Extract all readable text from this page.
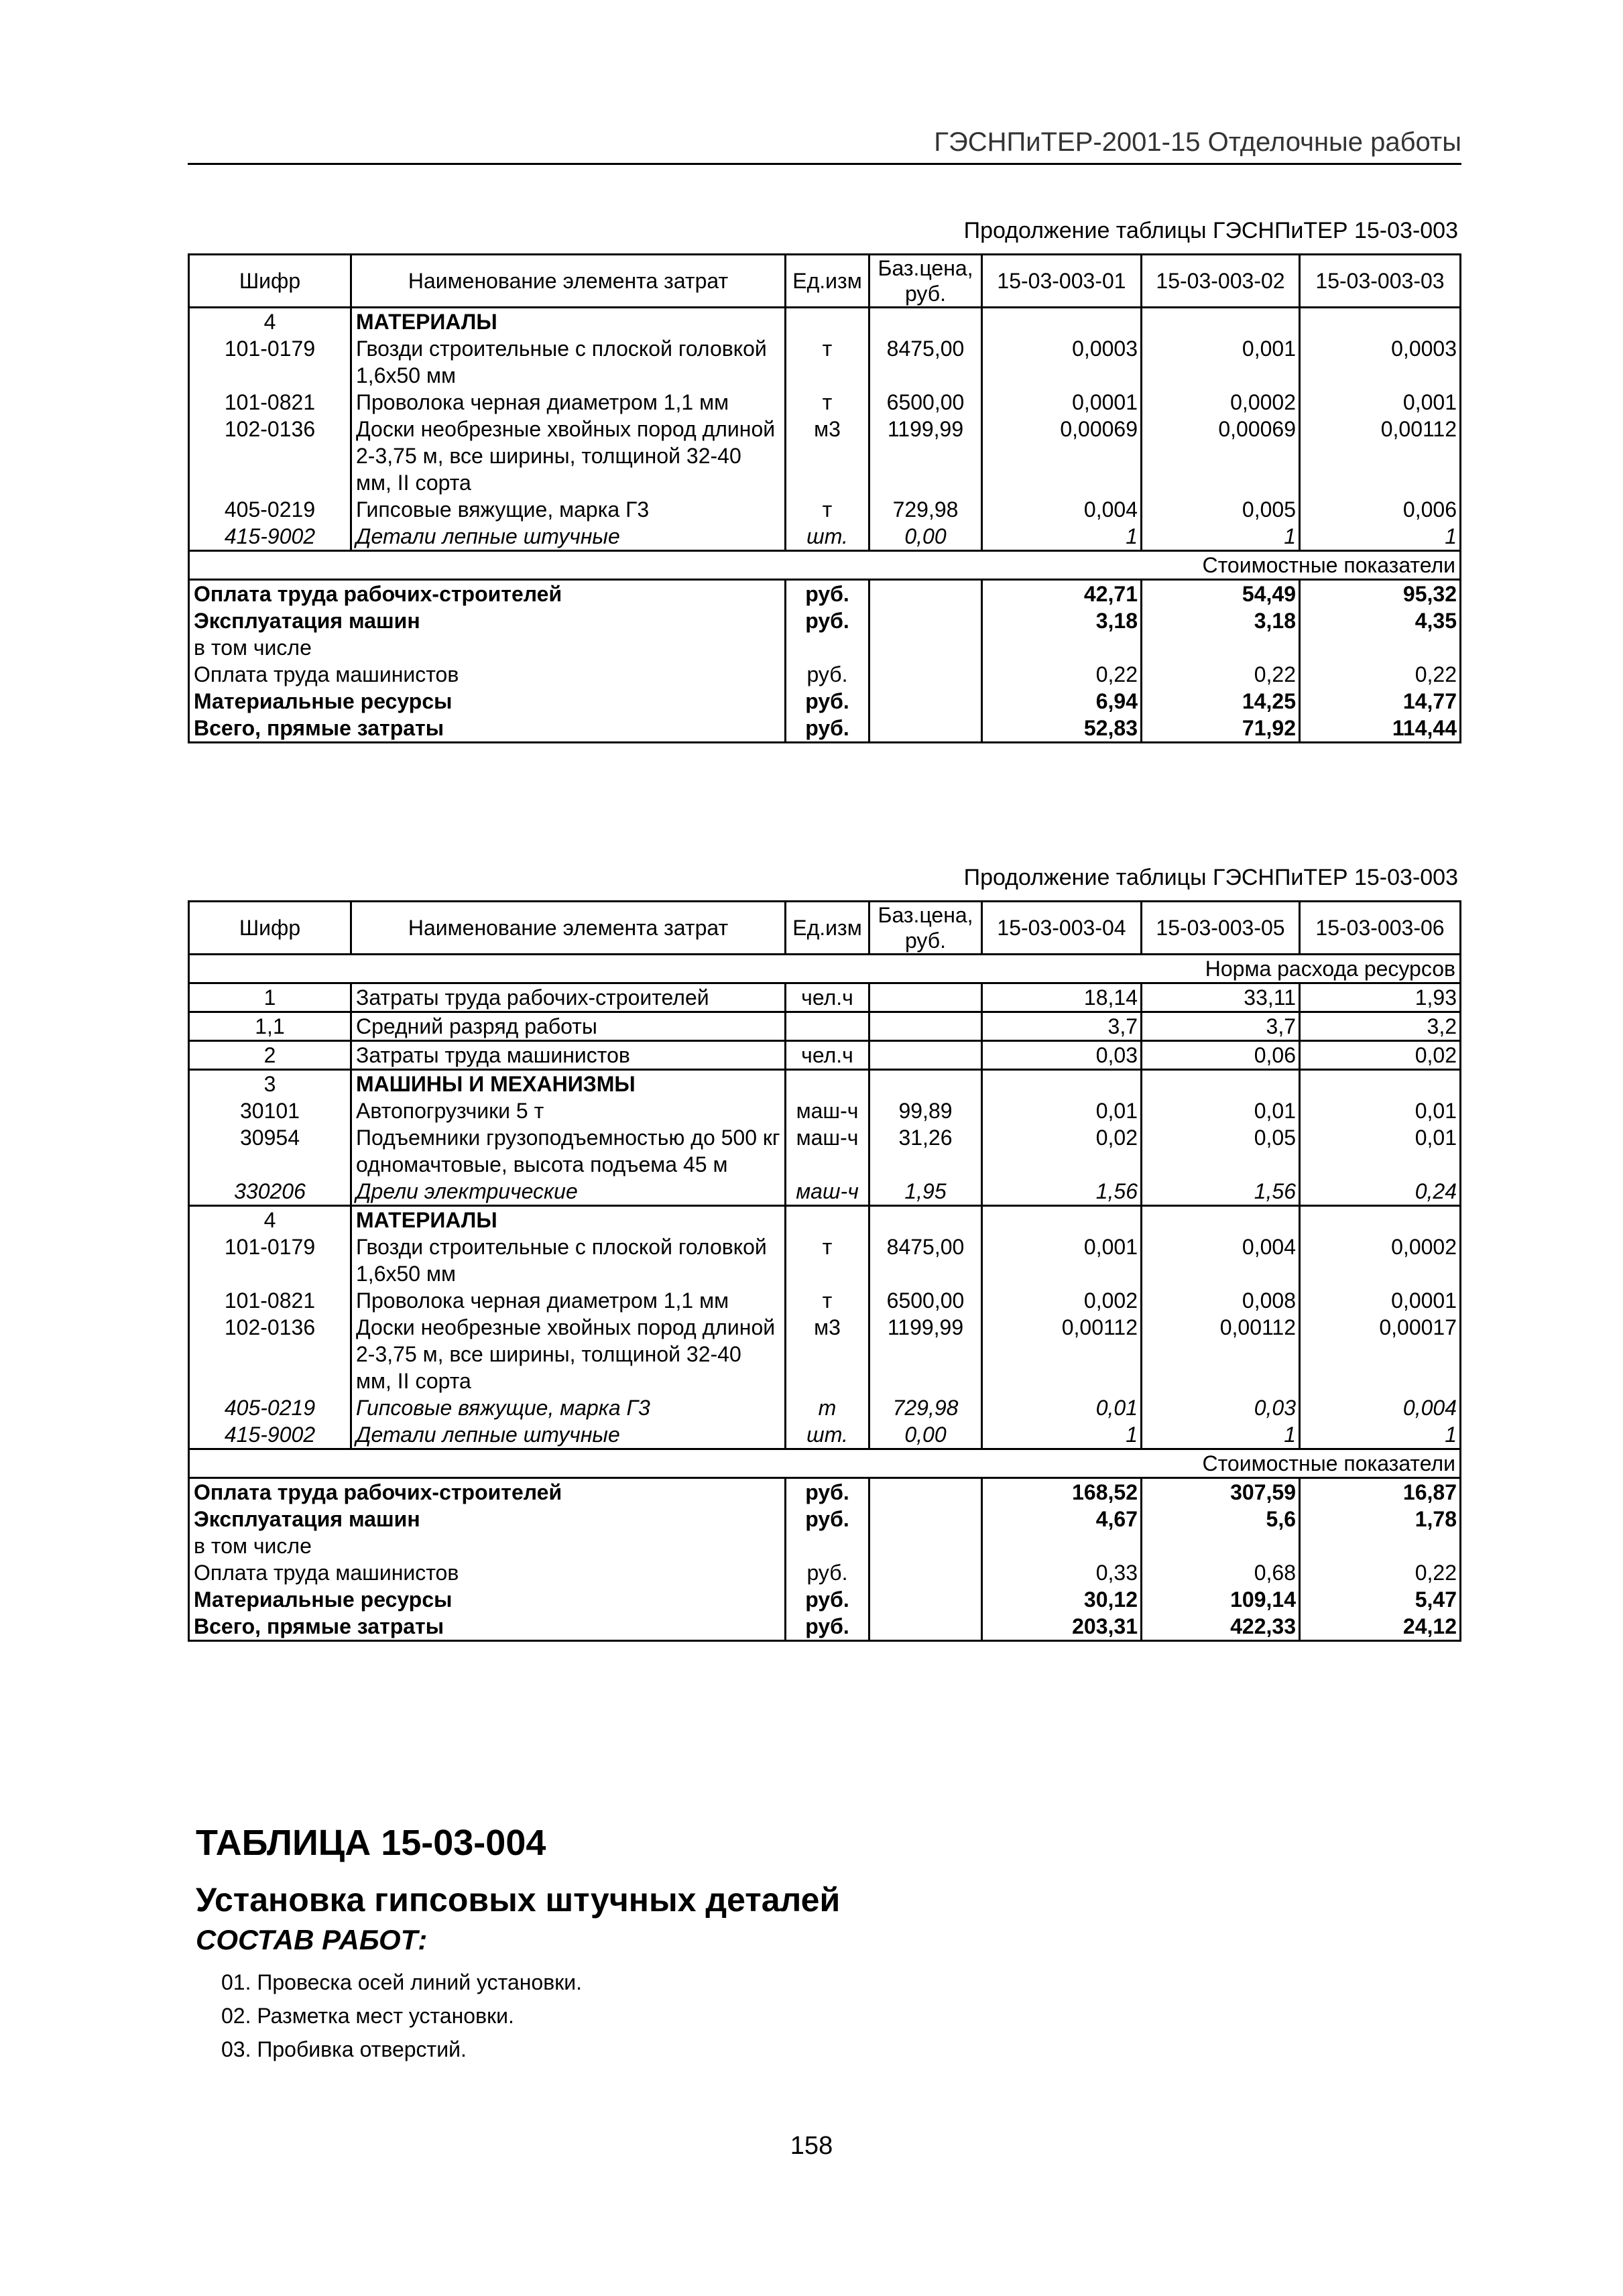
ГЭСНПиТЕР-2001-15 Отделочные работы
Продолжение таблицы ГЭСНПиТЕР 15-03-003
Шифр	Наименование элемента затрат	Ед.изм	Баз.цена, руб.	15-03-003-01	15-03-003-02	15-03-003-03
4	МАТЕРИАЛЫ					
101-0179	Гвозди строительные с плоской головкой 1,6х50 мм	т	8475,00	0,0003	0,001	0,0003
101-0821	Проволока черная диаметром 1,1 мм	т	6500,00	0,0001	0,0002	0,001
102-0136	Доски необрезные хвойных пород длиной 2-3,75 м, все ширины, толщиной 32-40 мм, II сорта	м3	1199,99	0,00069	0,00069	0,00112
405-0219	Гипсовые вяжущие, марка Г3	т	729,98	0,004	0,005	0,006
415-9002	Детали лепные штучные	шт.	0,00	1	1	1
Стоимостные показатели						
Оплата труда рабочих-строителей		руб.		42,71	54,49	95,32
Эксплуатация машин		руб.		3,18	3,18	4,35
в том числе						
Оплата труда машинистов		руб.		0,22	0,22	0,22
Материальные ресурсы		руб.		6,94	14,25	14,77
Всего, прямые затраты		руб.		52,83	71,92	114,44
Продолжение таблицы ГЭСНПиТЕР 15-03-003
Шифр	Наименование элемента затрат	Ед.изм	Баз.цена, руб.	15-03-003-04	15-03-003-05	15-03-003-06
Норма расхода ресурсов						
1	Затраты труда рабочих-строителей	чел.ч		18,14	33,11	1,93
1,1	Средний разряд работы			3,7	3,7	3,2
2	Затраты труда машинистов	чел.ч		0,03	0,06	0,02
3	МАШИНЫ И МЕХАНИЗМЫ					
30101	Автопогрузчики 5 т	маш-ч	99,89	0,01	0,01	0,01
30954	Подъемники грузоподъемностью до 500 кг одномачтовые, высота подъема 45 м	маш-ч	31,26	0,02	0,05	0,01
330206	Дрели электрические	маш-ч	1,95	1,56	1,56	0,24
4	МАТЕРИАЛЫ					
101-0179	Гвозди строительные с плоской головкой 1,6х50 мм	т	8475,00	0,001	0,004	0,0002
101-0821	Проволока черная диаметром 1,1 мм	т	6500,00	0,002	0,008	0,0001
102-0136	Доски необрезные хвойных пород длиной 2-3,75 м, все ширины, толщиной 32-40 мм, II сорта	м3	1199,99	0,00112	0,00112	0,00017
405-0219	Гипсовые вяжущие, марка Г3	т	729,98	0,01	0,03	0,004
415-9002	Детали лепные штучные	шт.	0,00	1	1	1
Стоимостные показатели						
Оплата труда рабочих-строителей		руб.		168,52	307,59	16,87
Эксплуатация машин		руб.		4,67	5,6	1,78
в том числе						
Оплата труда машинистов		руб.		0,33	0,68	0,22
Материальные ресурсы		руб.		30,12	109,14	5,47
Всего, прямые затраты		руб.		203,31	422,33	24,12
ТАБЛИЦА 15-03-004
Установка гипсовых штучных деталей
СОСТАВ РАБОТ:
01. Провеска осей линий установки.
02. Разметка мест установки.
03. Пробивка отверстий.
158
